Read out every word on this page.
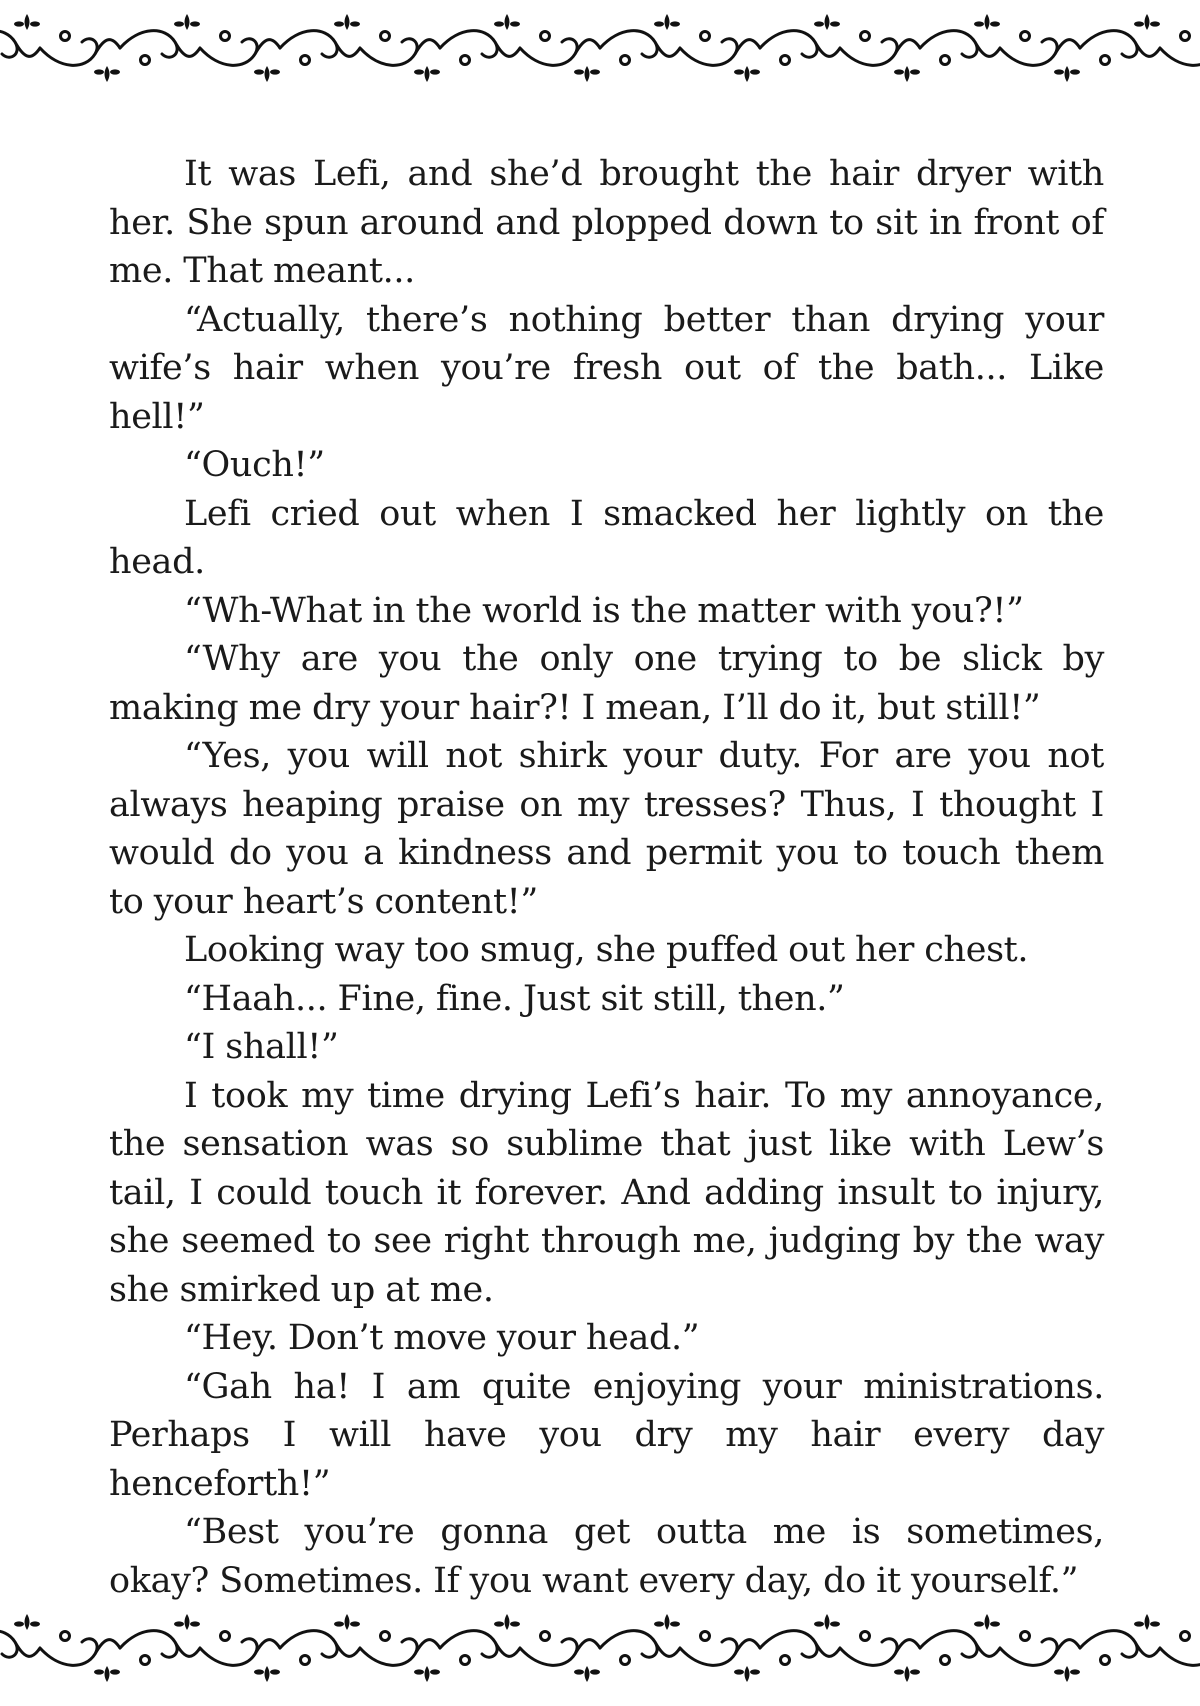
It was Lefi, and she’d brought the hair dryer with her. She spun around and plopped down to sit in front of me. That meant...

“Actually, there’s nothing better than drying your wife’s hair when you’re fresh out of the bath... Like hell!”

“Ouch!”

Lefi cried out when I smacked her lightly on the head.

“Wh-What in the world is the matter with you?!”

“Why are you the only one trying to be slick by making me dry your hair?! I mean, I’ll do it, but still!”

“Yes, you will not shirk your duty. For are you not always heaping praise on my tresses? Thus, I thought I would do you a kindness and permit you to touch them to your heart’s content!”

Looking way too smug, she puffed out her chest.

“Haah... Fine, fine. Just sit still, then.”

“I shall!”

I took my time drying Lefi’s hair. To my annoyance, the sensation was so sublime that just like with Lew’s tail, I could touch it forever. And adding insult to injury, she seemed to see right through me, judging by the way she smirked up at me.

“Hey. Don’t move your head.”

“Gah ha! I am quite enjoying your ministrations. Perhaps I will have you dry my hair every day henceforth!”

“Best you’re gonna get outta me is sometimes, okay? Sometimes. If you want every day, do it yourself.”
